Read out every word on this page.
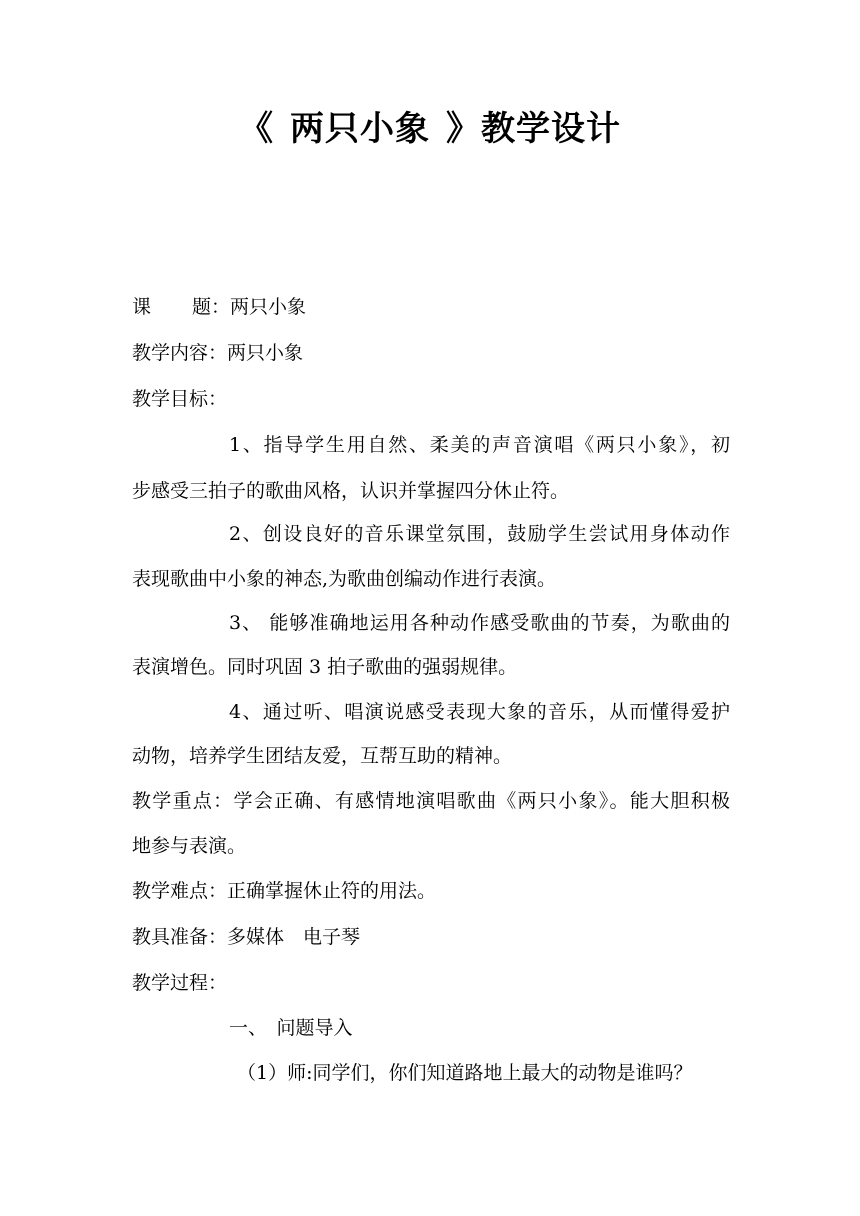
《 两只小象 》教学设计
课 题：两只小象
教学内容：两只小象
教学目标：
1、指导学生用自然、柔美的声音演唱《两只小象》，初
步感受三拍子的歌曲风格，认识并掌握四分休止符。
2、创设良好的音乐课堂氛围，鼓励学生尝试用身体动作
表现歌曲中小象的神态,为歌曲创编动作进行表演。
3、 能够准确地运用各种动作感受歌曲的节奏，为歌曲的
表演增色。同时巩固 3 拍子歌曲的强弱规律。
4、通过听、唱演说感受表现大象的音乐，从而懂得爱护
动物，培养学生团结友爱，互帮互助的精神。
教学重点：学会正确、有感情地演唱歌曲《两只小象》。能大胆积极
地参与表演。
教学难点：正确掌握休止符的用法。
教具准备：多媒体　电子琴
教学过程：
一、　问题导入
（1）师:同学们，你们知道路地上最大的动物是谁吗？
